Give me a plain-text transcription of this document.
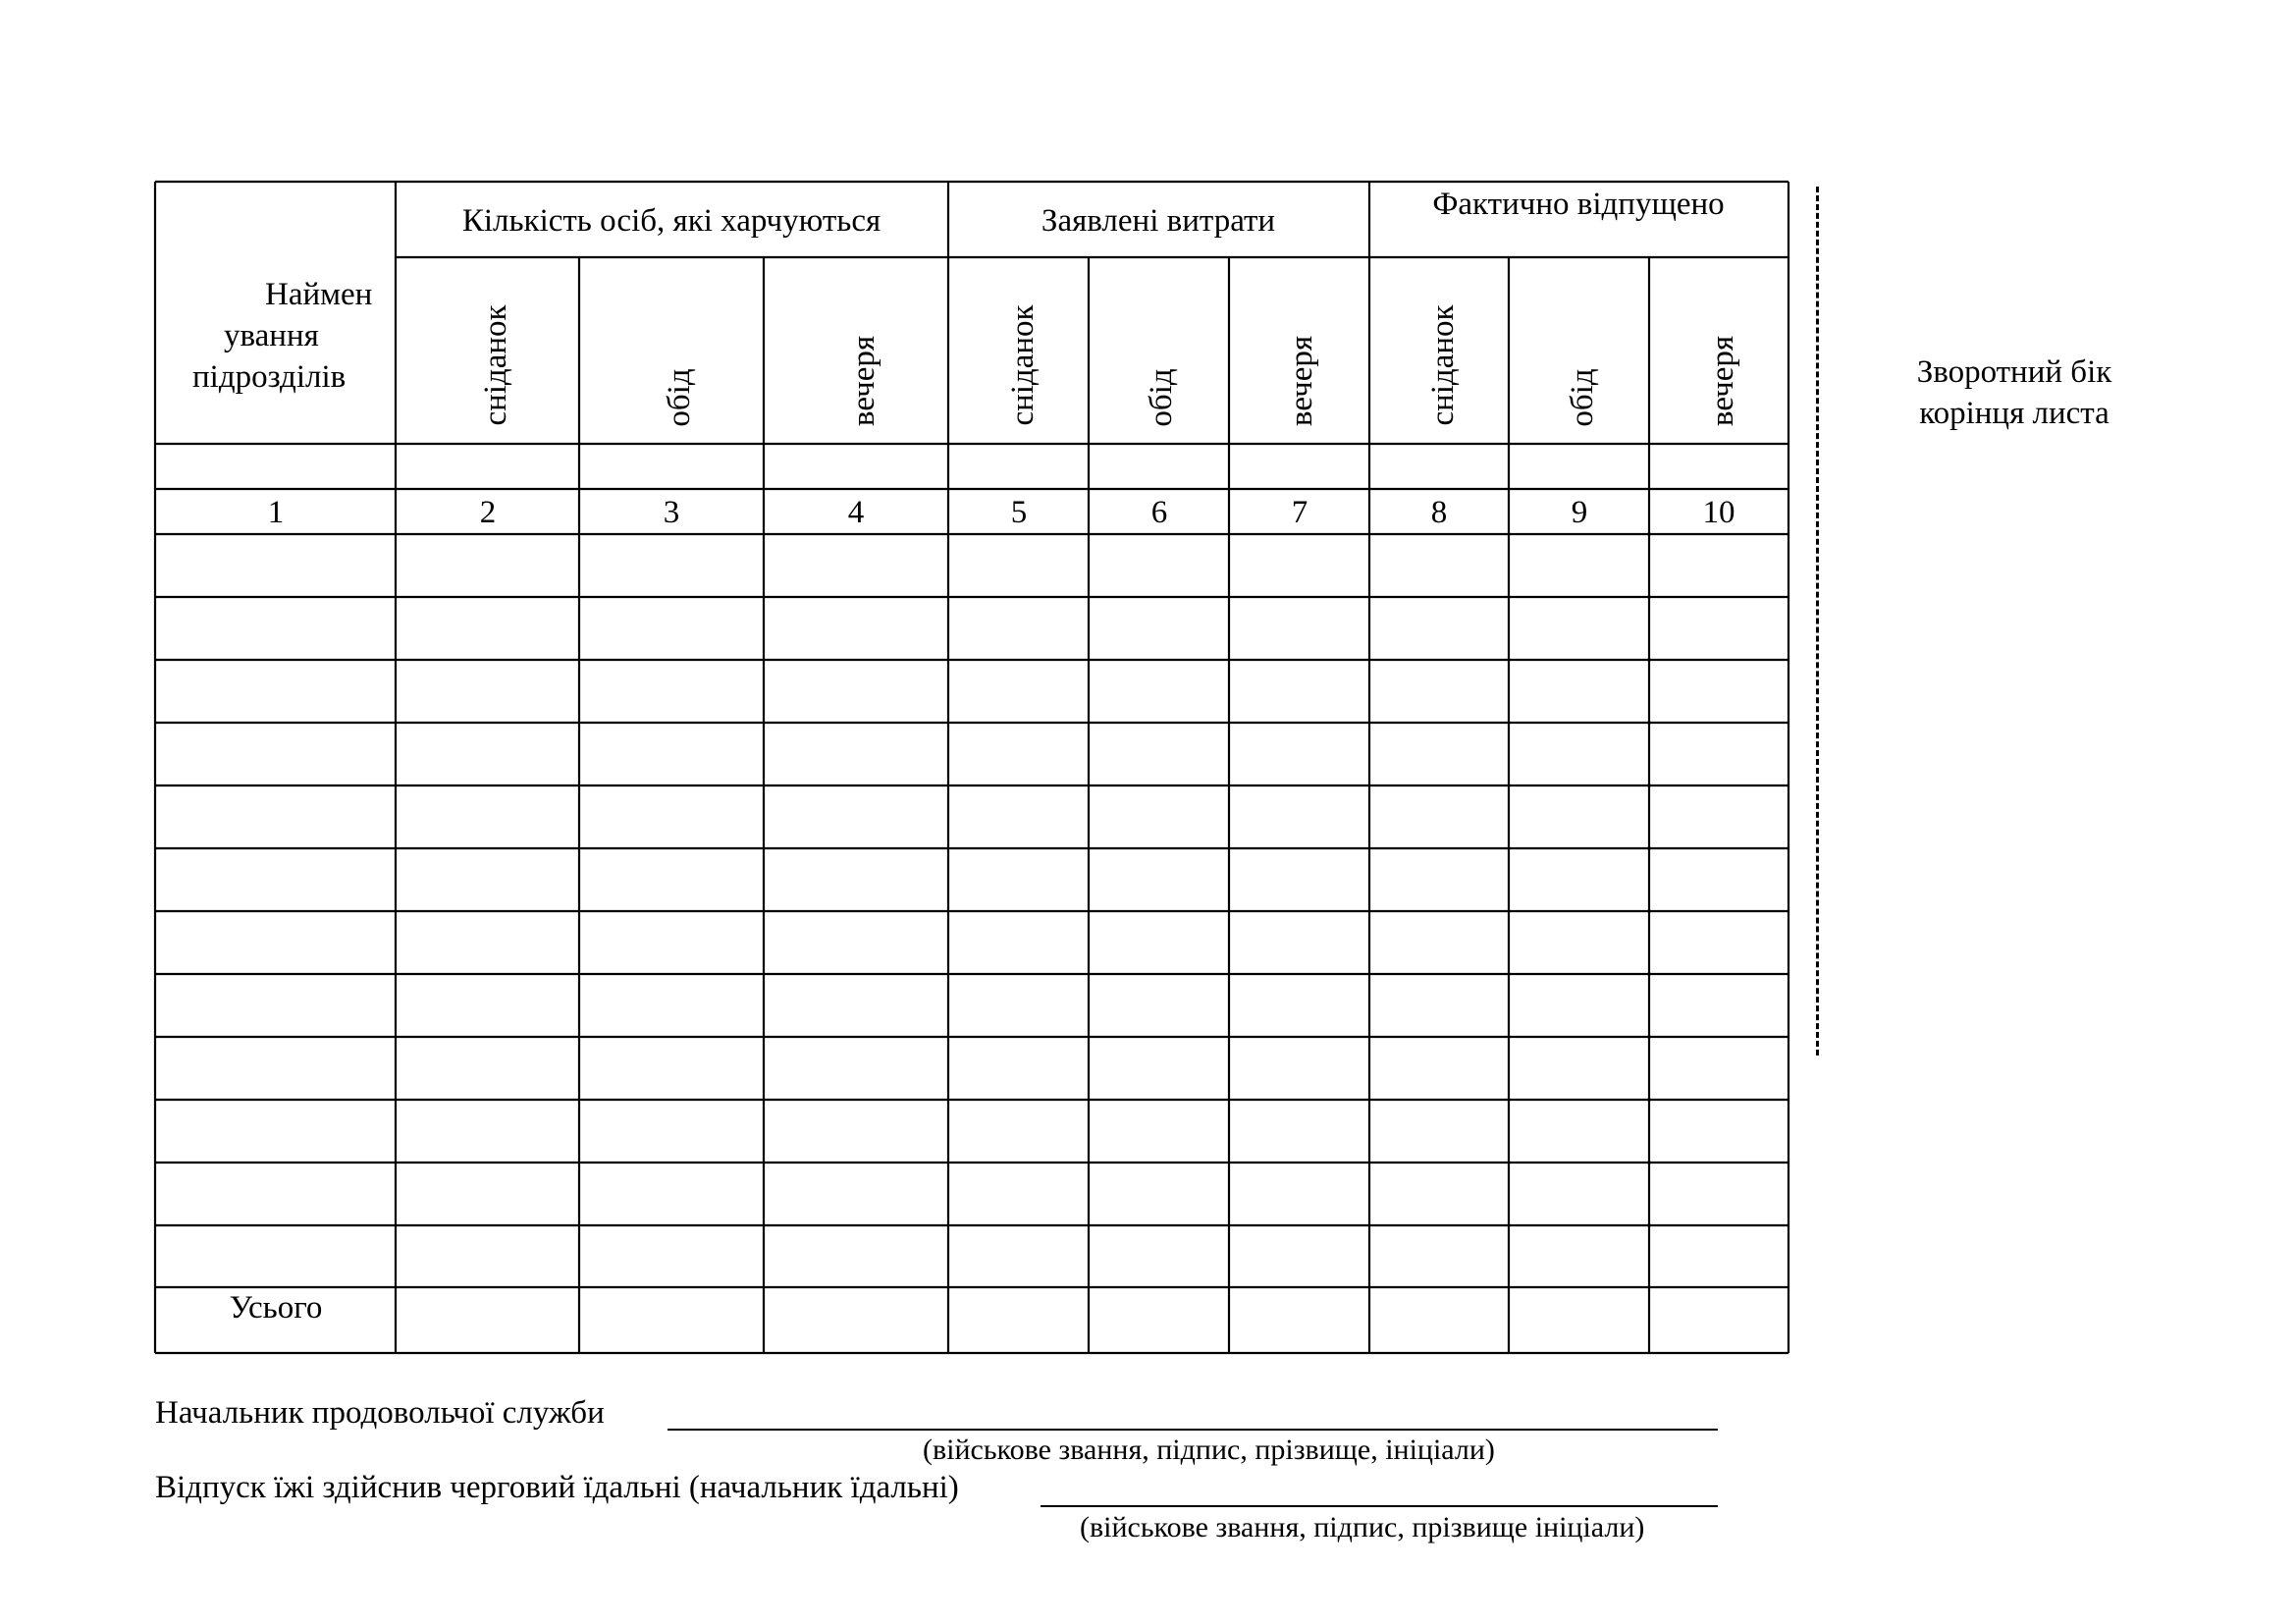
Наймен
ування
підрозділів
Кількість осіб, які харчуються	Заявлені витрати	Фактично відпущено
сніданок	обід	вечеря	сніданок	обід	вечеря	сніданок	обід	вечеря
1	2	3	4	5	6	7	8	9	10
Усього
Зворотний бік
корінця листа
Начальник продовольчої служби
(військове звання, підпис, прізвище, ініціали)
Відпуск їжі здійснив черговий їдальні (начальник їдальні)
(військове звання, підпис, прізвище ініціали)
